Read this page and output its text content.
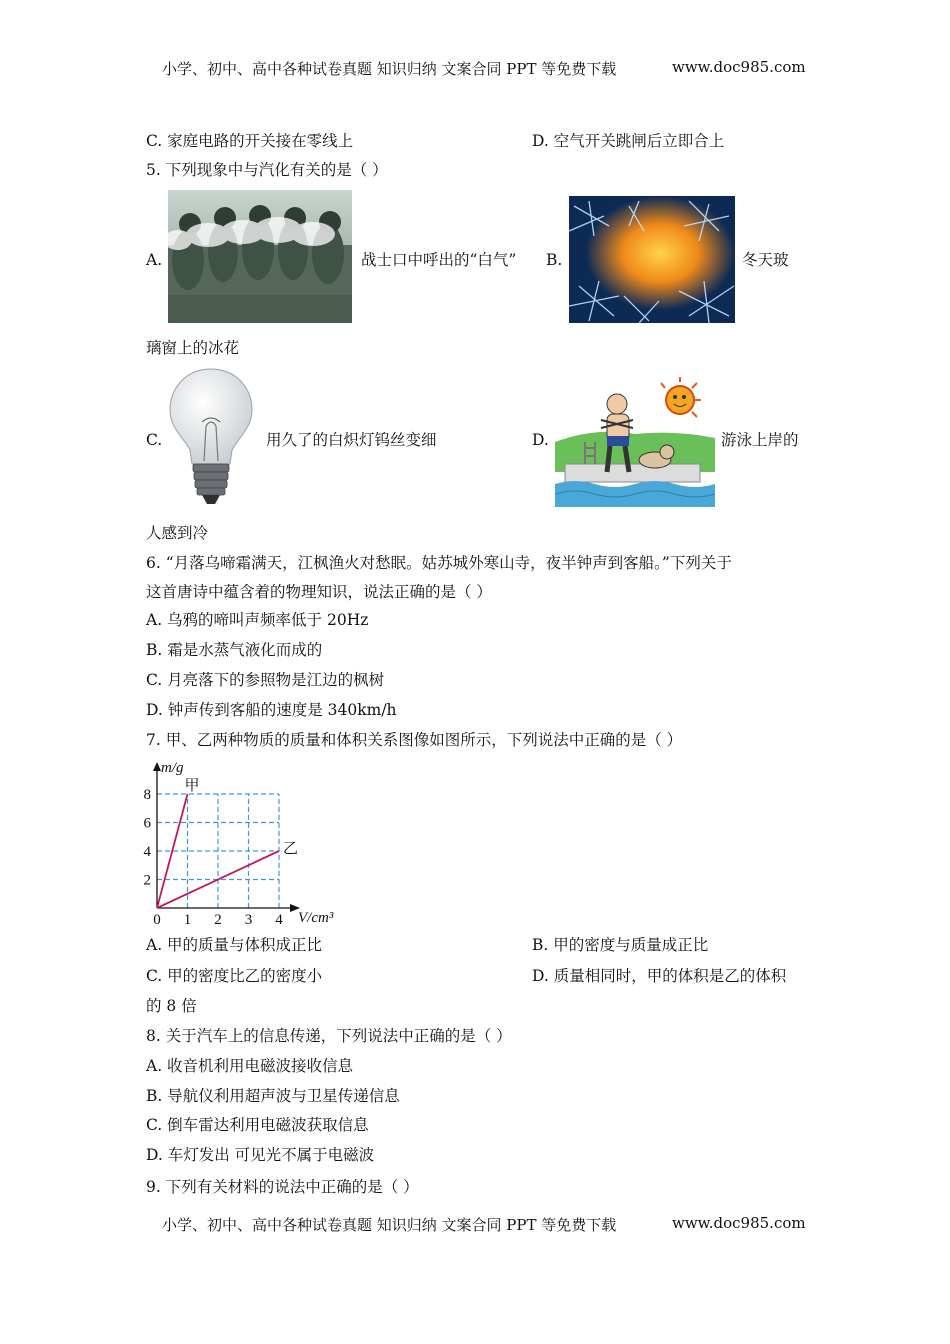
小学、初中、高中各种试卷真题 知识归纳 文案合同 PPT 等免费下载	www.doc985.com
C. 家庭电路的开关接在零线上	D. 空气开关跳闸后立即合上
5. 下列现象中与汽化有关的是（ ）
A.	战士口中呼出的“白气” B.	冬天玻
璃窗上的冰花
C.	用久了的白炽灯钨丝变细	D.	游泳上岸的
人感到冷
6. “月落乌啼霜满天，江枫渔火对愁眠。姑苏城外寒山寺，夜半钟声到客船。”下列关于
这首唐诗中蕴含着的物理知识，说法正确的是（ ）
A. 乌鸦的啼叫声频率低于 20Hz
B. 霜是水蒸气液化而成的
C. 月亮落下的参照物是江边的枫树
D. 钟声传到客船的速度是 340km/h
7. 甲、乙两种物质的质量和体积关系图像如图所示，下列说法中正确的是（ ）
甲
乙
1 2 3 4
2
4
6
8
0
m/g
V/cm³
A. 甲的质量与体积成正比	B. 甲的密度与质量成正比
C. 甲的密度比乙的密度小	D. 质量相同时，甲的体积是乙的体积
的 8 倍
8. 关于汽车上的信息传递，下列说法中正确的是（ ）
A. 收音机利用电磁波接收信息
B. 导航仪利用超声波与卫星传递信息
C. 倒车雷达利用电磁波获取信息
D. 车灯发出 可见光不属于电磁波
9. 下列有关材料的说法中正确的是（ ）
小学、初中、高中各种试卷真题 知识归纳 文案合同 PPT 等免费下载	www.doc985.com
